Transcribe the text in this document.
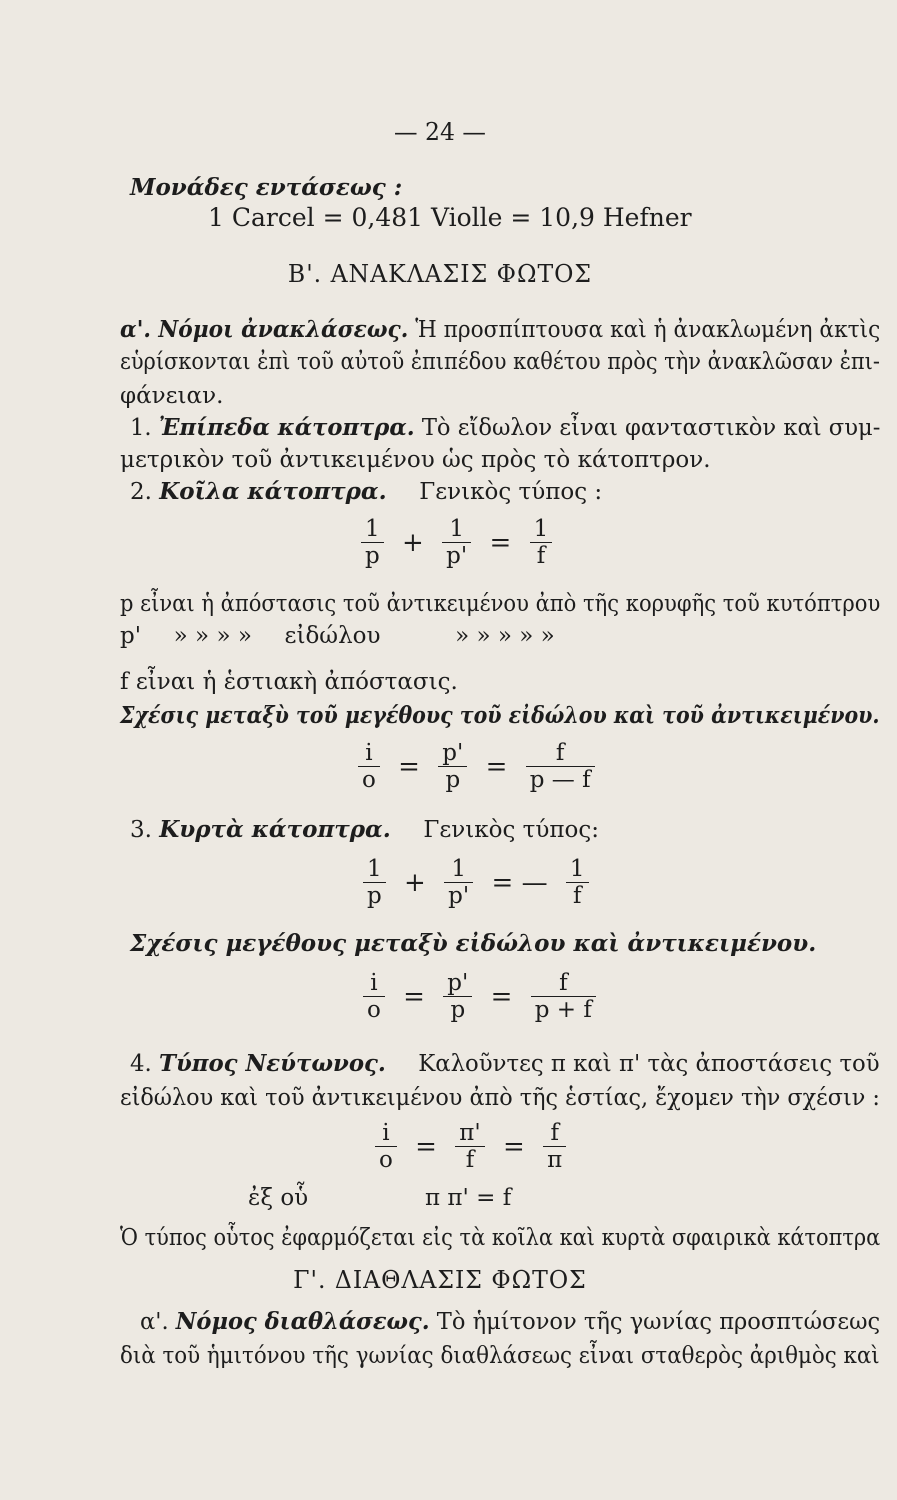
— 24 —
Μονάδες εντάσεως :
1 Carcel = 0,481 Violle = 10,9 Hefner
Β'. ΑΝΑΚΛΑΣΙΣ ΦΩΤΟΣ
α'. Νόμοι ἀνακλάσεως. Ἡ προσπίπτουσα καὶ ἡ ἀνακλωμένη ἀκτὶς
εὑρίσκονται ἐπὶ τοῦ αὐτοῦ ἐπιπέδου καθέτου πρὸς τὴν ἀνακλῶσαν ἐπι-
φάνειαν.
1. Ἐπίπεδα κάτοπτρα. Τὸ εἴδωλον εἶναι φανταστικὸν καὶ συμ-
μετρικὸν τοῦ ἀντικειμένου ὡς πρὸς τὸ κάτοπτρον.
2. Κοῖλα κάτοπτρα. Γενικὸς τύπος :
$\frac{1}{p} + \frac{1}{p'} = \frac{1}{f}$
p εἶναι ἡ ἀπόστασις τοῦ ἀντικειμένου ἀπὸ τῆς κορυφῆς τοῦ κυτόπτρου
p' » » » » εἰδώλου	» » » » »
f εἶναι ἡ ἑστιακὴ ἀπόστασις.
Σχέσις μεταξὺ τοῦ μεγέθους τοῦ εἰδώλου καὶ τοῦ ἀντικειμένου.
$\frac{i}{o} = \frac{p'}{p} = \frac{f}{p — f}$
3. Κυρτὰ κάτοπτρα. Γενικὸς τύπος:
$\frac{1}{p} + \frac{1}{p'}$ = — $\frac{1}{f}$
Σχέσις μεγέθους μεταξὺ εἰδώλου καὶ ἀντικειμένου.
$\frac{i}{o} = \frac{p'}{p} = \frac{f}{p + f}$
4. Τύπος Νεύτωνος. Καλοῦντες π καὶ π' τὰς ἀποστάσεις τοῦ
εἰδώλου καὶ τοῦ ἀντικειμένου ἀπὸ τῆς ἑστίας, ἔχομεν τὴν σχέσιν :
$\frac{i}{o} = \frac{\pi'}{f} = \frac{f}{\pi}$
ἐξ οὗ	π π' = f
Ὁ τύπος οὗτος ἐφαρμόζεται εἰς τὰ κοῖλα καὶ κυρτὰ σφαιρικὰ κάτοπτρα
Γ'. ΔΙΑΘΛΑΣΙΣ ΦΩΤΟΣ
α'. Νόμος διαθλάσεως. Τὸ ἡμίτονον τῆς γωνίας προσπτώσεως
διὰ τοῦ ἡμιτόνου τῆς γωνίας διαθλάσεως εἶναι σταθερὸς ἀριθμὸς καὶ
